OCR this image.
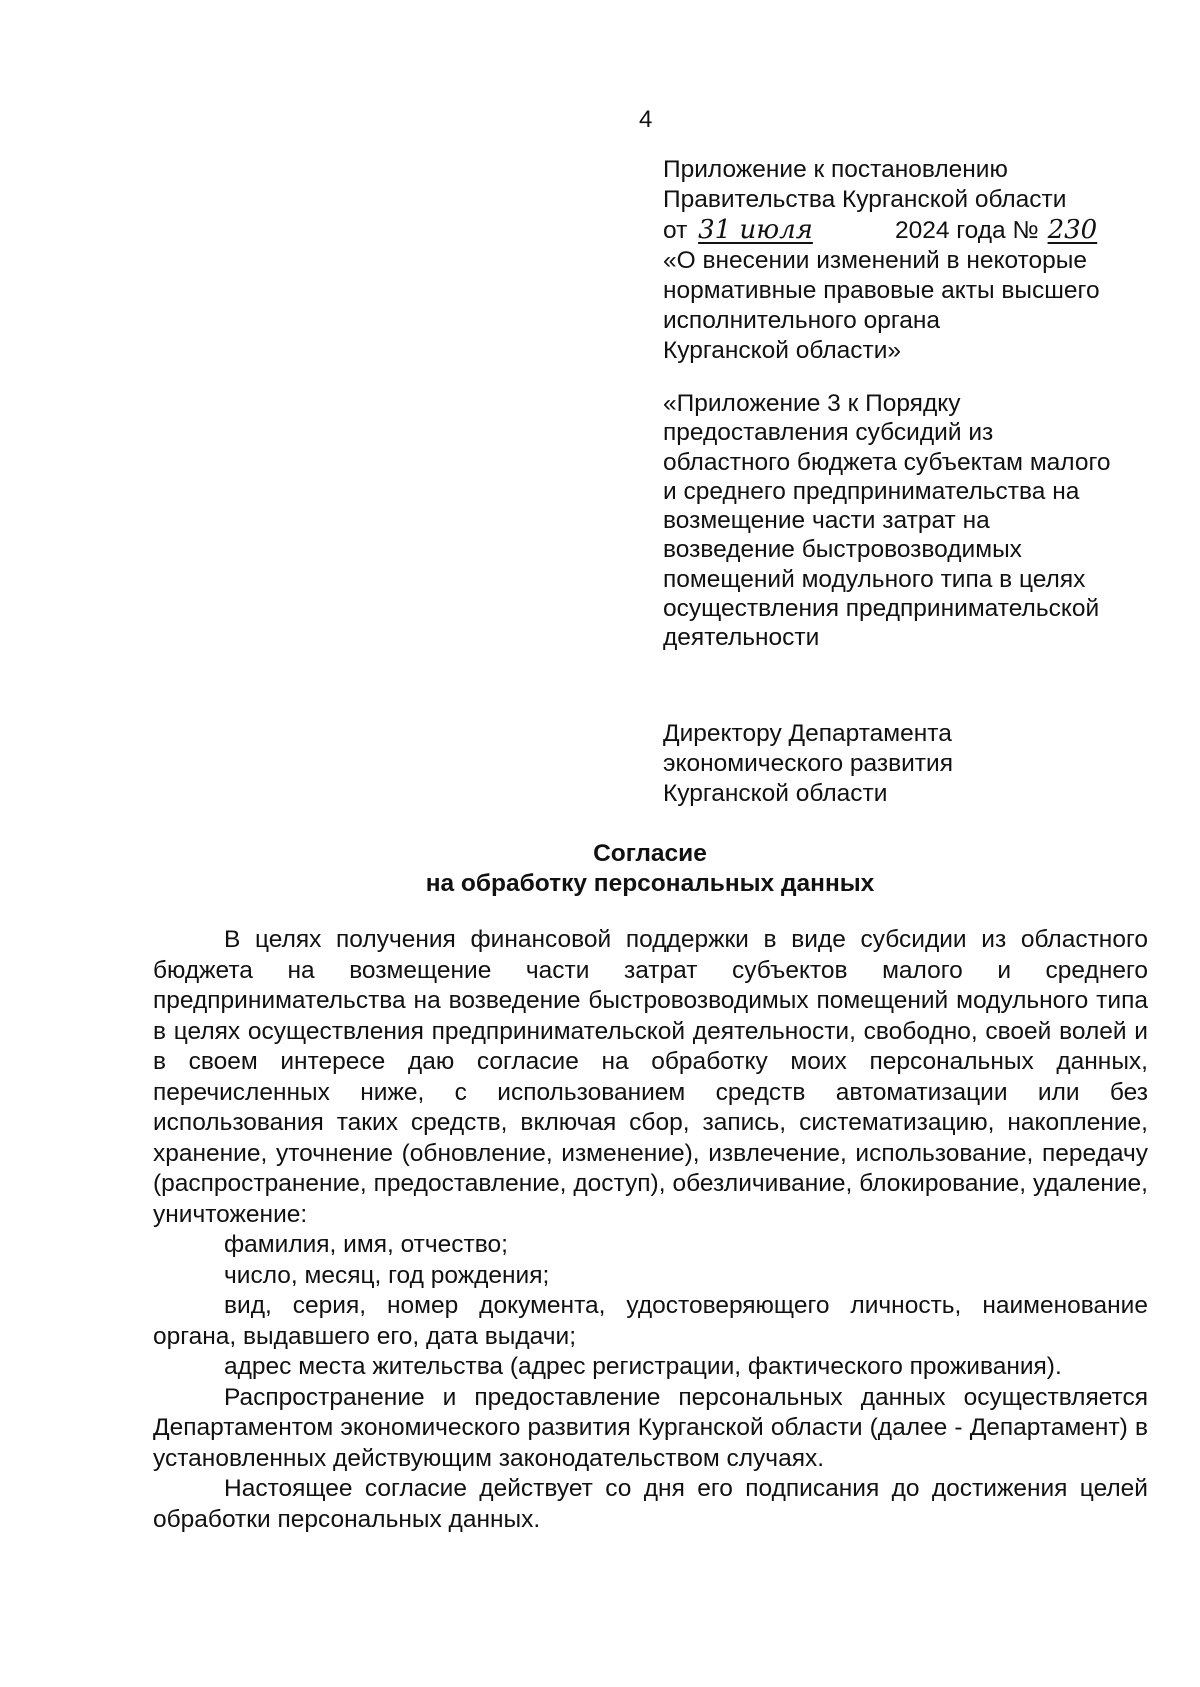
4
Приложение к постановлению
Правительства Курганской области
от 31 июля	2024 года № 230
«О внесении изменений в некоторые
нормативные правовые акты высшего
исполнительного органа
Курганской области»
«Приложение 3 к Порядку
предоставления субсидий из
областного бюджета субъектам малого
и среднего предпринимательства на
возмещение части затрат на
возведение быстровозводимых
помещений модульного типа в целях
осуществления предпринимательской
деятельности
Директору Департамента
экономического развития
Курганской области
Согласие
на обработку персональных данных

В целях получения финансовой поддержки в виде субсидии из областного бюджета на возмещение части затрат субъектов малого и среднего предпринимательства на возведение быстровозводимых помещений модульного типа в целях осуществления предпринимательской деятельности, свободно, своей волей и в своем интересе даю согласие на обработку моих персональных данных, перечисленных ниже, с использованием средств автоматизации или без использования таких средств, включая сбор, запись, систематизацию, накопление, хранение, уточнение (обновление, изменение), извлечение, использование, передачу (распространение, предоставление, доступ), обезличивание, блокирование, удаление, уничтожение:

фамилия, имя, отчество;

число, месяц, год рождения;

вид, серия, номер документа, удостоверяющего личность, наименование органа, выдавшего его, дата выдачи;

адрес места жительства (адрес регистрации, фактического проживания).

Распространение и предоставление персональных данных осуществляется Департаментом экономического развития Курганской области (далее - Департамент) в установленных действующим законодательством случаях.

Настоящее согласие действует со дня его подписания до достижения целей обработки персональных данных.
